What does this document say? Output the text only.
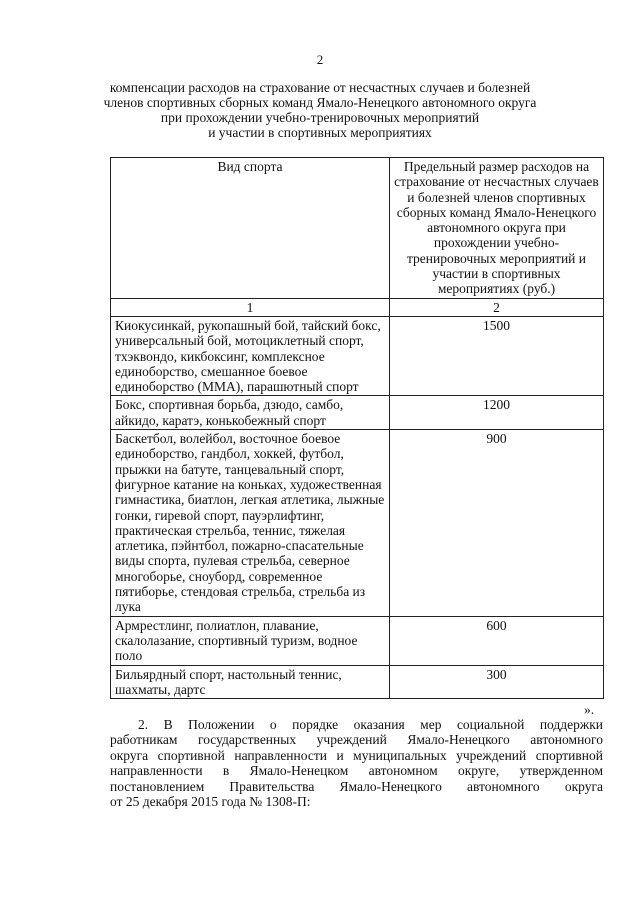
2
компенсации расходов на страхование от несчастных случаев и болезней
членов спортивных сборных команд Ямало-Ненецкого автономного округа
при прохождении учебно-тренировочных мероприятий
и участии в спортивных мероприятиях
Вид спорта	Предельный размер расходов на страхование от несчастных случаев и болезней членов спортивных сборных команд Ямало-Ненецкого автономного округа при прохождении учебно-тренировочных мероприятий и участии в спортивных мероприятиях (руб.)
1	2
Киокусинкай, рукопашный бой, тайский бокс, универсальный бой, мотоциклетный спорт, тхэквондо, кикбоксинг, комплексное единоборство, смешанное боевое единоборство (ММА), парашютный спорт	1500
Бокс, спортивная борьба, дзюдо, самбо, айкидо, каратэ, конькобежный спорт	1200
Баскетбол, волейбол, восточное боевое единоборство, гандбол, хоккей, футбол, прыжки на батуте, танцевальный спорт, фигурное катание на коньках, художественная гимнастика, биатлон, легкая атлетика, лыжные гонки, гиревой спорт, пауэрлифтинг, практическая стрельба, теннис, тяжелая атлетика, пэйнтбол, пожарно-спасательные виды спорта, пулевая стрельба, северное многоборье, сноуборд, современное пятиборье, стендовая стрельба, стрельба из лука	900
Армрестлинг, полиатлон, плавание, скалолазание, спортивный туризм, водное поло	600
Бильярдный спорт, настольный теннис, шахматы, дартс	300
».
2. В Положении о порядке оказания мер социальной поддержки
работникам государственных учреждений Ямало-Ненецкого автономного
округа спортивной направленности и муниципальных учреждений спортивной
направленности в Ямало-Ненецком автономном округе, утвержденном
постановлением Правительства Ямало-Ненецкого автономного округа
от 25 декабря 2015 года № 1308-П:
